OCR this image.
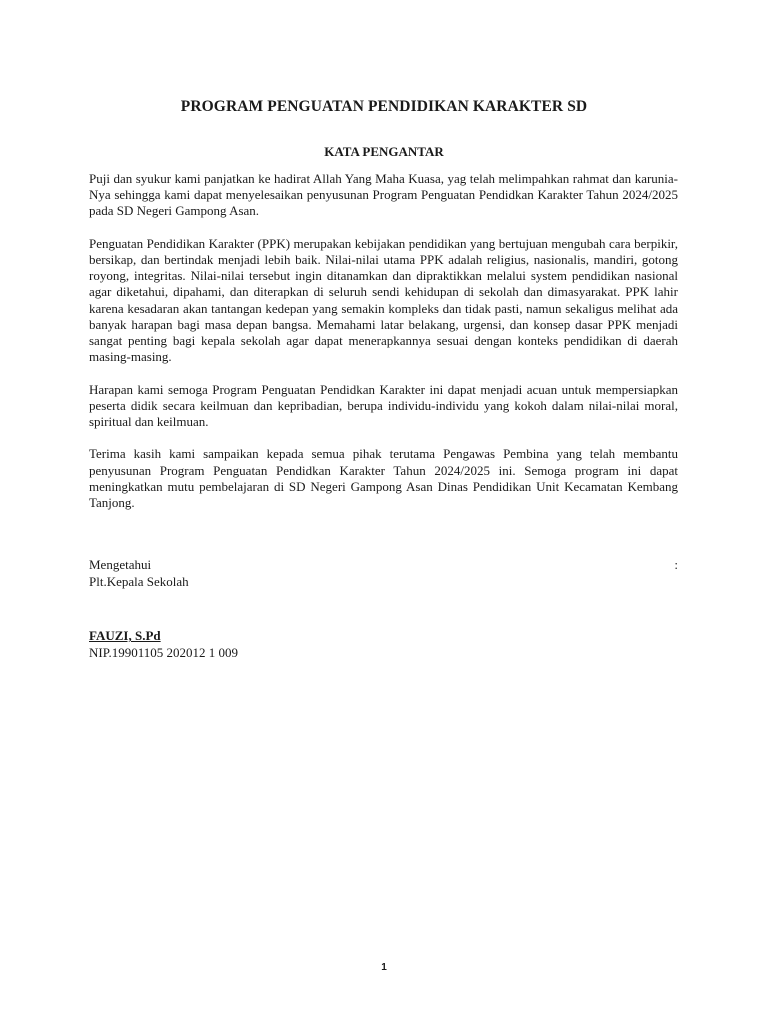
PROGRAM PENGUATAN PENDIDIKAN KARAKTER SD
KATA PENGANTAR

Puji dan syukur kami panjatkan ke hadirat Allah Yang Maha Kuasa, yag telah melimpahkan rahmat dan karunia-Nya sehingga kami dapat menyelesaikan penyusunan Program Penguatan Pendidkan Karakter Tahun 2024/2025 pada SD Negeri Gampong Asan.

Penguatan Pendidikan Karakter (PPK) merupakan kebijakan pendidikan yang bertujuan mengubah cara berpikir, bersikap, dan bertindak menjadi lebih baik. Nilai-nilai utama PPK adalah religius, nasionalis, mandiri, gotong royong, integritas. Nilai-nilai tersebut ingin ditanamkan dan dipraktikkan melalui system pendidikan nasional agar diketahui, dipahami, dan diterapkan di seluruh sendi kehidupan di sekolah dan dimasyarakat. PPK lahir karena kesadaran akan tantangan kedepan yang semakin kompleks dan tidak pasti, namun sekaligus melihat ada banyak harapan bagi masa depan bangsa. Memahami latar belakang, urgensi, dan konsep dasar PPK menjadi sangat penting bagi kepala sekolah agar dapat menerapkannya sesuai dengan konteks pendidikan di daerah masing-masing.

Harapan kami semoga Program Penguatan Pendidkan Karakter ini dapat menjadi acuan untuk mempersiapkan peserta didik secara keilmuan dan kepribadian, berupa individu-individu yang kokoh dalam nilai-nilai moral, spiritual dan keilmuan.

Terima kasih kami sampaikan kepada semua pihak terutama Pengawas Pembina yang telah membantu penyusunan Program Penguatan Pendidkan Karakter Tahun 2024/2025 ini. Semoga program ini dapat meningkatkan mutu pembelajaran di SD Negeri Gampong Asan Dinas Pendidikan Unit Kecamatan Kembang Tanjong.

Mengetahui	:
Plt.Kepala Sekolah
FAUZI, S.Pd
NIP.19901105 202012 1 009
1
